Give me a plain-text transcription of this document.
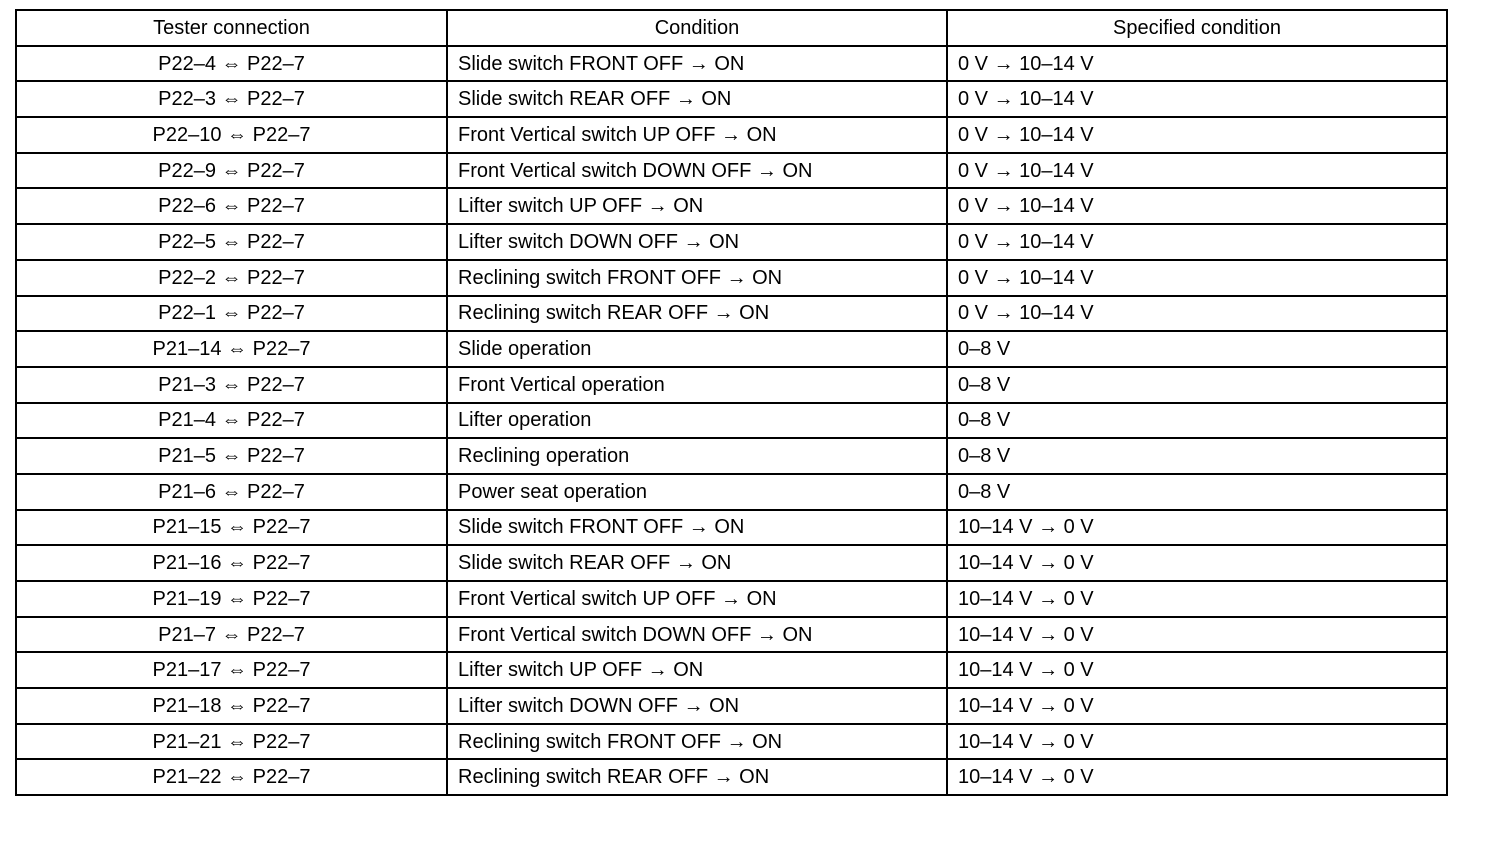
Tester connection	Condition	Specified condition
P22–4 ⇔ P22–7	Slide switch FRONT OFF → ON	0 V → 10–14 V
P22–3 ⇔ P22–7	Slide switch REAR OFF → ON	0 V → 10–14 V
P22–10 ⇔ P22–7	Front Vertical switch UP OFF → ON	0 V → 10–14 V
P22–9 ⇔ P22–7	Front Vertical switch DOWN OFF → ON	0 V → 10–14 V
P22–6 ⇔ P22–7	Lifter switch UP OFF → ON	0 V → 10–14 V
P22–5 ⇔ P22–7	Lifter switch DOWN OFF → ON	0 V → 10–14 V
P22–2 ⇔ P22–7	Reclining switch FRONT OFF → ON	0 V → 10–14 V
P22–1 ⇔ P22–7	Reclining switch REAR OFF → ON	0 V → 10–14 V
P21–14 ⇔ P22–7	Slide operation	0–8 V
P21–3 ⇔ P22–7	Front Vertical operation	0–8 V
P21–4 ⇔ P22–7	Lifter operation	0–8 V
P21–5 ⇔ P22–7	Reclining operation	0–8 V
P21–6 ⇔ P22–7	Power seat operation	0–8 V
P21–15 ⇔ P22–7	Slide switch FRONT OFF → ON	10–14 V → 0 V
P21–16 ⇔ P22–7	Slide switch REAR OFF → ON	10–14 V → 0 V
P21–19 ⇔ P22–7	Front Vertical switch UP OFF → ON	10–14 V → 0 V
P21–7 ⇔ P22–7	Front Vertical switch DOWN OFF → ON	10–14 V → 0 V
P21–17 ⇔ P22–7	Lifter switch UP OFF → ON	10–14 V → 0 V
P21–18 ⇔ P22–7	Lifter switch DOWN OFF → ON	10–14 V → 0 V
P21–21 ⇔ P22–7	Reclining switch FRONT OFF → ON	10–14 V → 0 V
P21–22 ⇔ P22–7	Reclining switch REAR OFF → ON	10–14 V → 0 V
